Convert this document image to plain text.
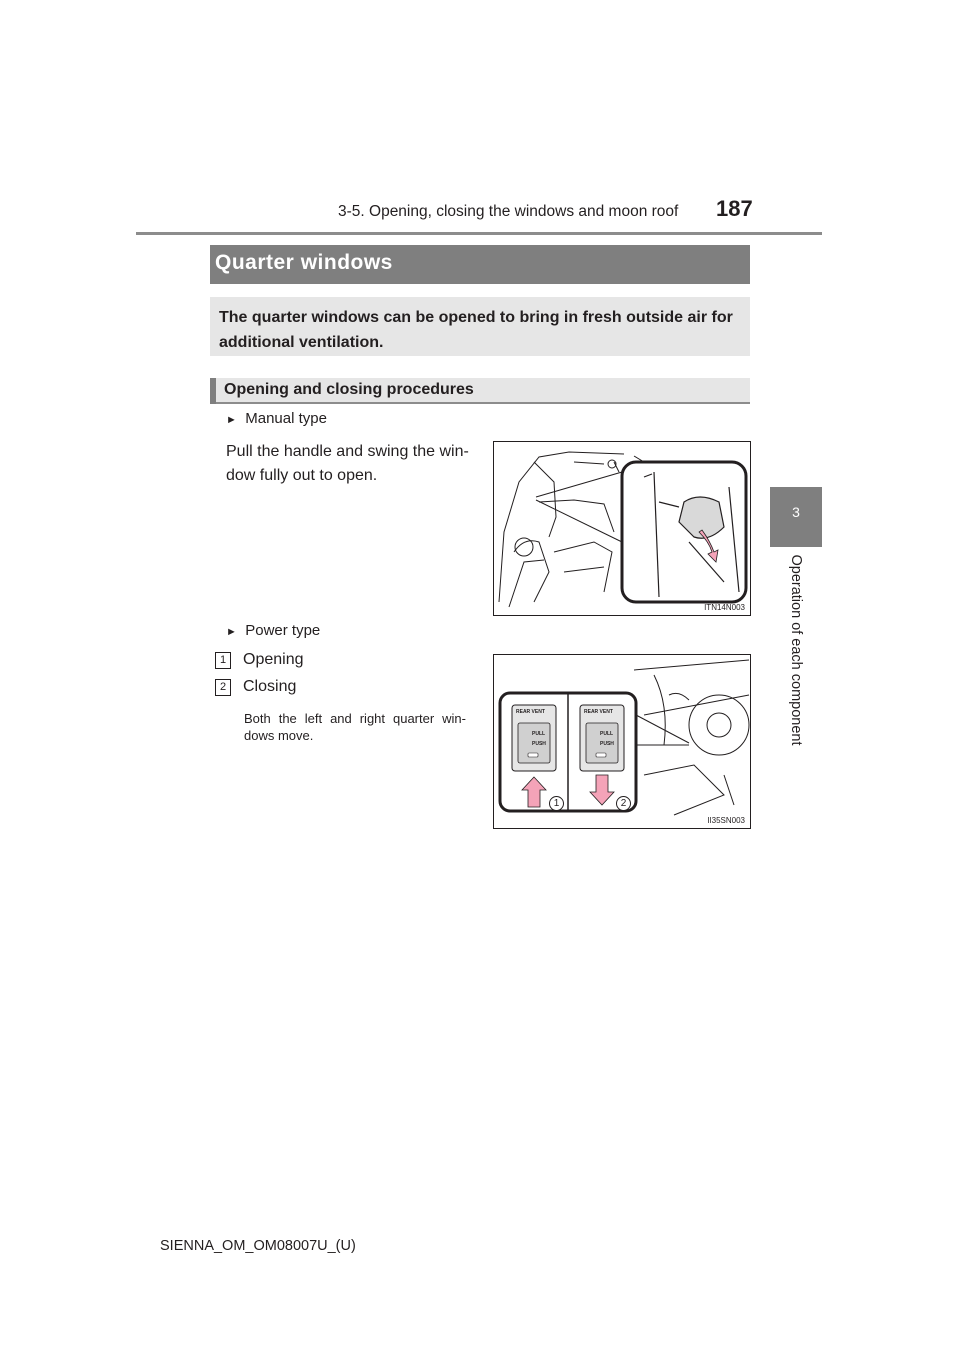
3-5. Opening, closing the windows and moon roof 187
3
Operation of each component
Quarter windows
The quarter windows can be opened to bring in fresh outside air for additional ventilation.
Opening and closing procedures
► Manual type
Pull the handle and swing the win-dow fully out to open.
ITN14N003
► Power type
1	Opening
2	Closing
Both the left and right quarter win-dows move.
REAR VENT	REAR VENT
PULL
PUSH
PULL
PUSH
1	2
II35SN003
SIENNA_OM_OM08007U_(U)
